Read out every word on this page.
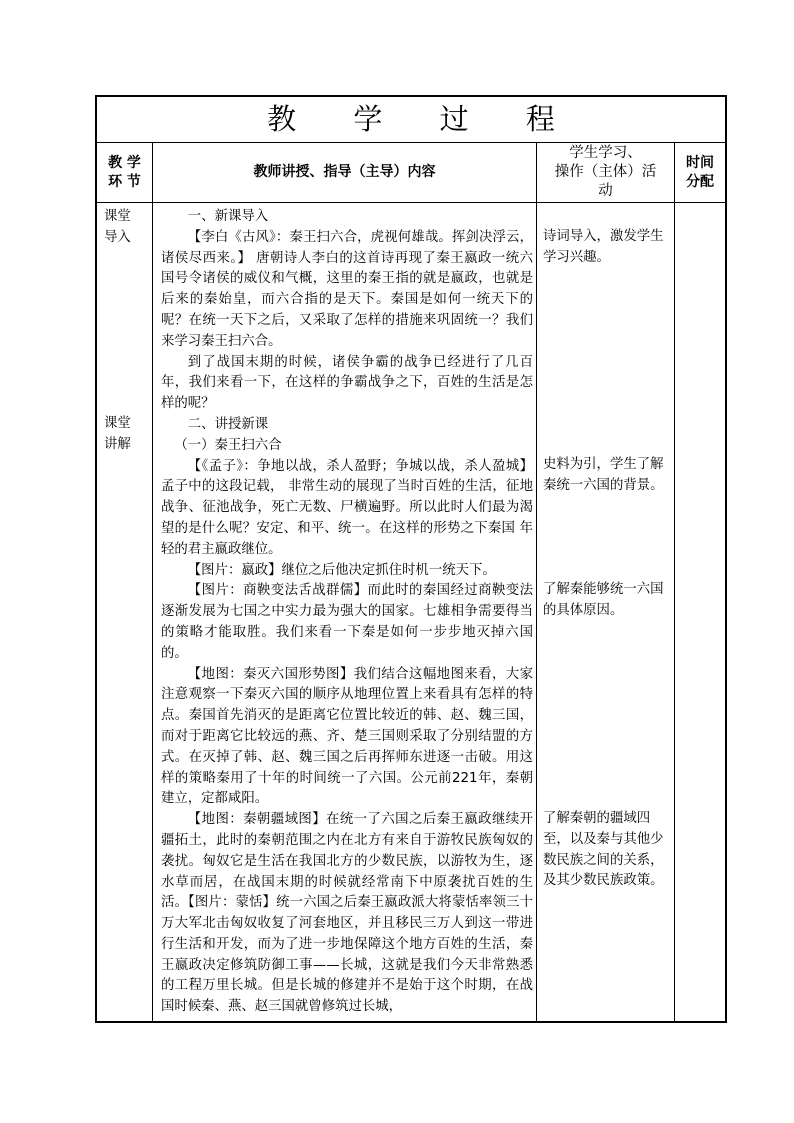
教 学 过 程
教 学
环 节
教师讲授、指导（主导）内容
学生学习、
操作（主体）活
动
时间
分配
课堂
导入
课堂
讲解
一、新课导入
【李白《古风》：秦王扫六合，虎视何雄哉。挥剑决浮云，诸侯尽西来。】 唐朝诗人李白的这首诗再现了秦王嬴政一统六国号令诸侯的威仪和气概，这里的秦王指的就是嬴政，也就是后来的秦始皇，而六合指的是天下。秦国是如何一统天下的呢？在统一天下之后，又采取了怎样的措施来巩固统一？我们来学习秦王扫六合。
到了战国末期的时候，诸侯争霸的战争已经进行了几百年，我们来看一下，在这样的争霸战争之下，百姓的生活是怎样的呢？
二、讲授新课
（一）秦王扫六合
【《孟子》：争地以战，杀人盈野；争城以战，杀人盈城】孟子中的这段记载， 非常生动的展现了当时百姓的生活，征地战争、征池战争，死亡无数、尸横遍野。所以此时人们最为渴望的是什么呢？安定、和平、统一。在这样的形势之下秦国 年轻的君主嬴政继位。
【图片：嬴政】继位之后他决定抓住时机一统天下。
【图片：商鞅变法舌战群儒】而此时的秦国经过商鞅变法逐渐发展为七国之中实力最为强大的国家。七雄相争需要得当的策略才能取胜。我们来看一下秦是如何一步步地灭掉六国的。
【地图：秦灭六国形势图】我们结合这幅地图来看，大家注意观察一下秦灭六国的顺序从地理位置上来看具有怎样的特点。秦国首先消灭的是距离它位置比较近的韩、赵、魏三国，而对于距离它比较远的燕、齐、楚三国则采取了分别结盟的方式。在灭掉了韩、赵、魏三国之后再挥师东进逐一击破。用这样的策略秦用了十年的时间统一了六国。公元前221年，秦朝建立，定都咸阳。
【地图：秦朝疆域图】在统一了六国之后秦王嬴政继续开疆拓土，此时的秦朝范围之内在北方有来自于游牧民族匈奴的袭扰。匈奴它是生活在我国北方的少数民族，以游牧为生，逐水草而居，在战国末期的时候就经常南下中原袭扰百姓的生活。【图片：蒙恬】统一六国之后秦王嬴政派大将蒙恬率领三十万大军北击匈奴收复了河套地区，并且移民三万人到这一带进行生活和开发，而为了进一步地保障这个地方百姓的生活，秦王嬴政决定修筑防御工事——长城，这就是我们今天非常熟悉的工程万里长城。但是长城的修建并不是始于这个时期，在战国时候秦、燕、赵三国就曾修筑过长城，
诗词导入，激发学生学习兴趣。
史料为引，学生了解秦统一六国的背景。
了解秦能够统一六国的具体原因。
了解秦朝的疆域四至，以及秦与其他少数民族之间的关系，及其少数民族政策。
